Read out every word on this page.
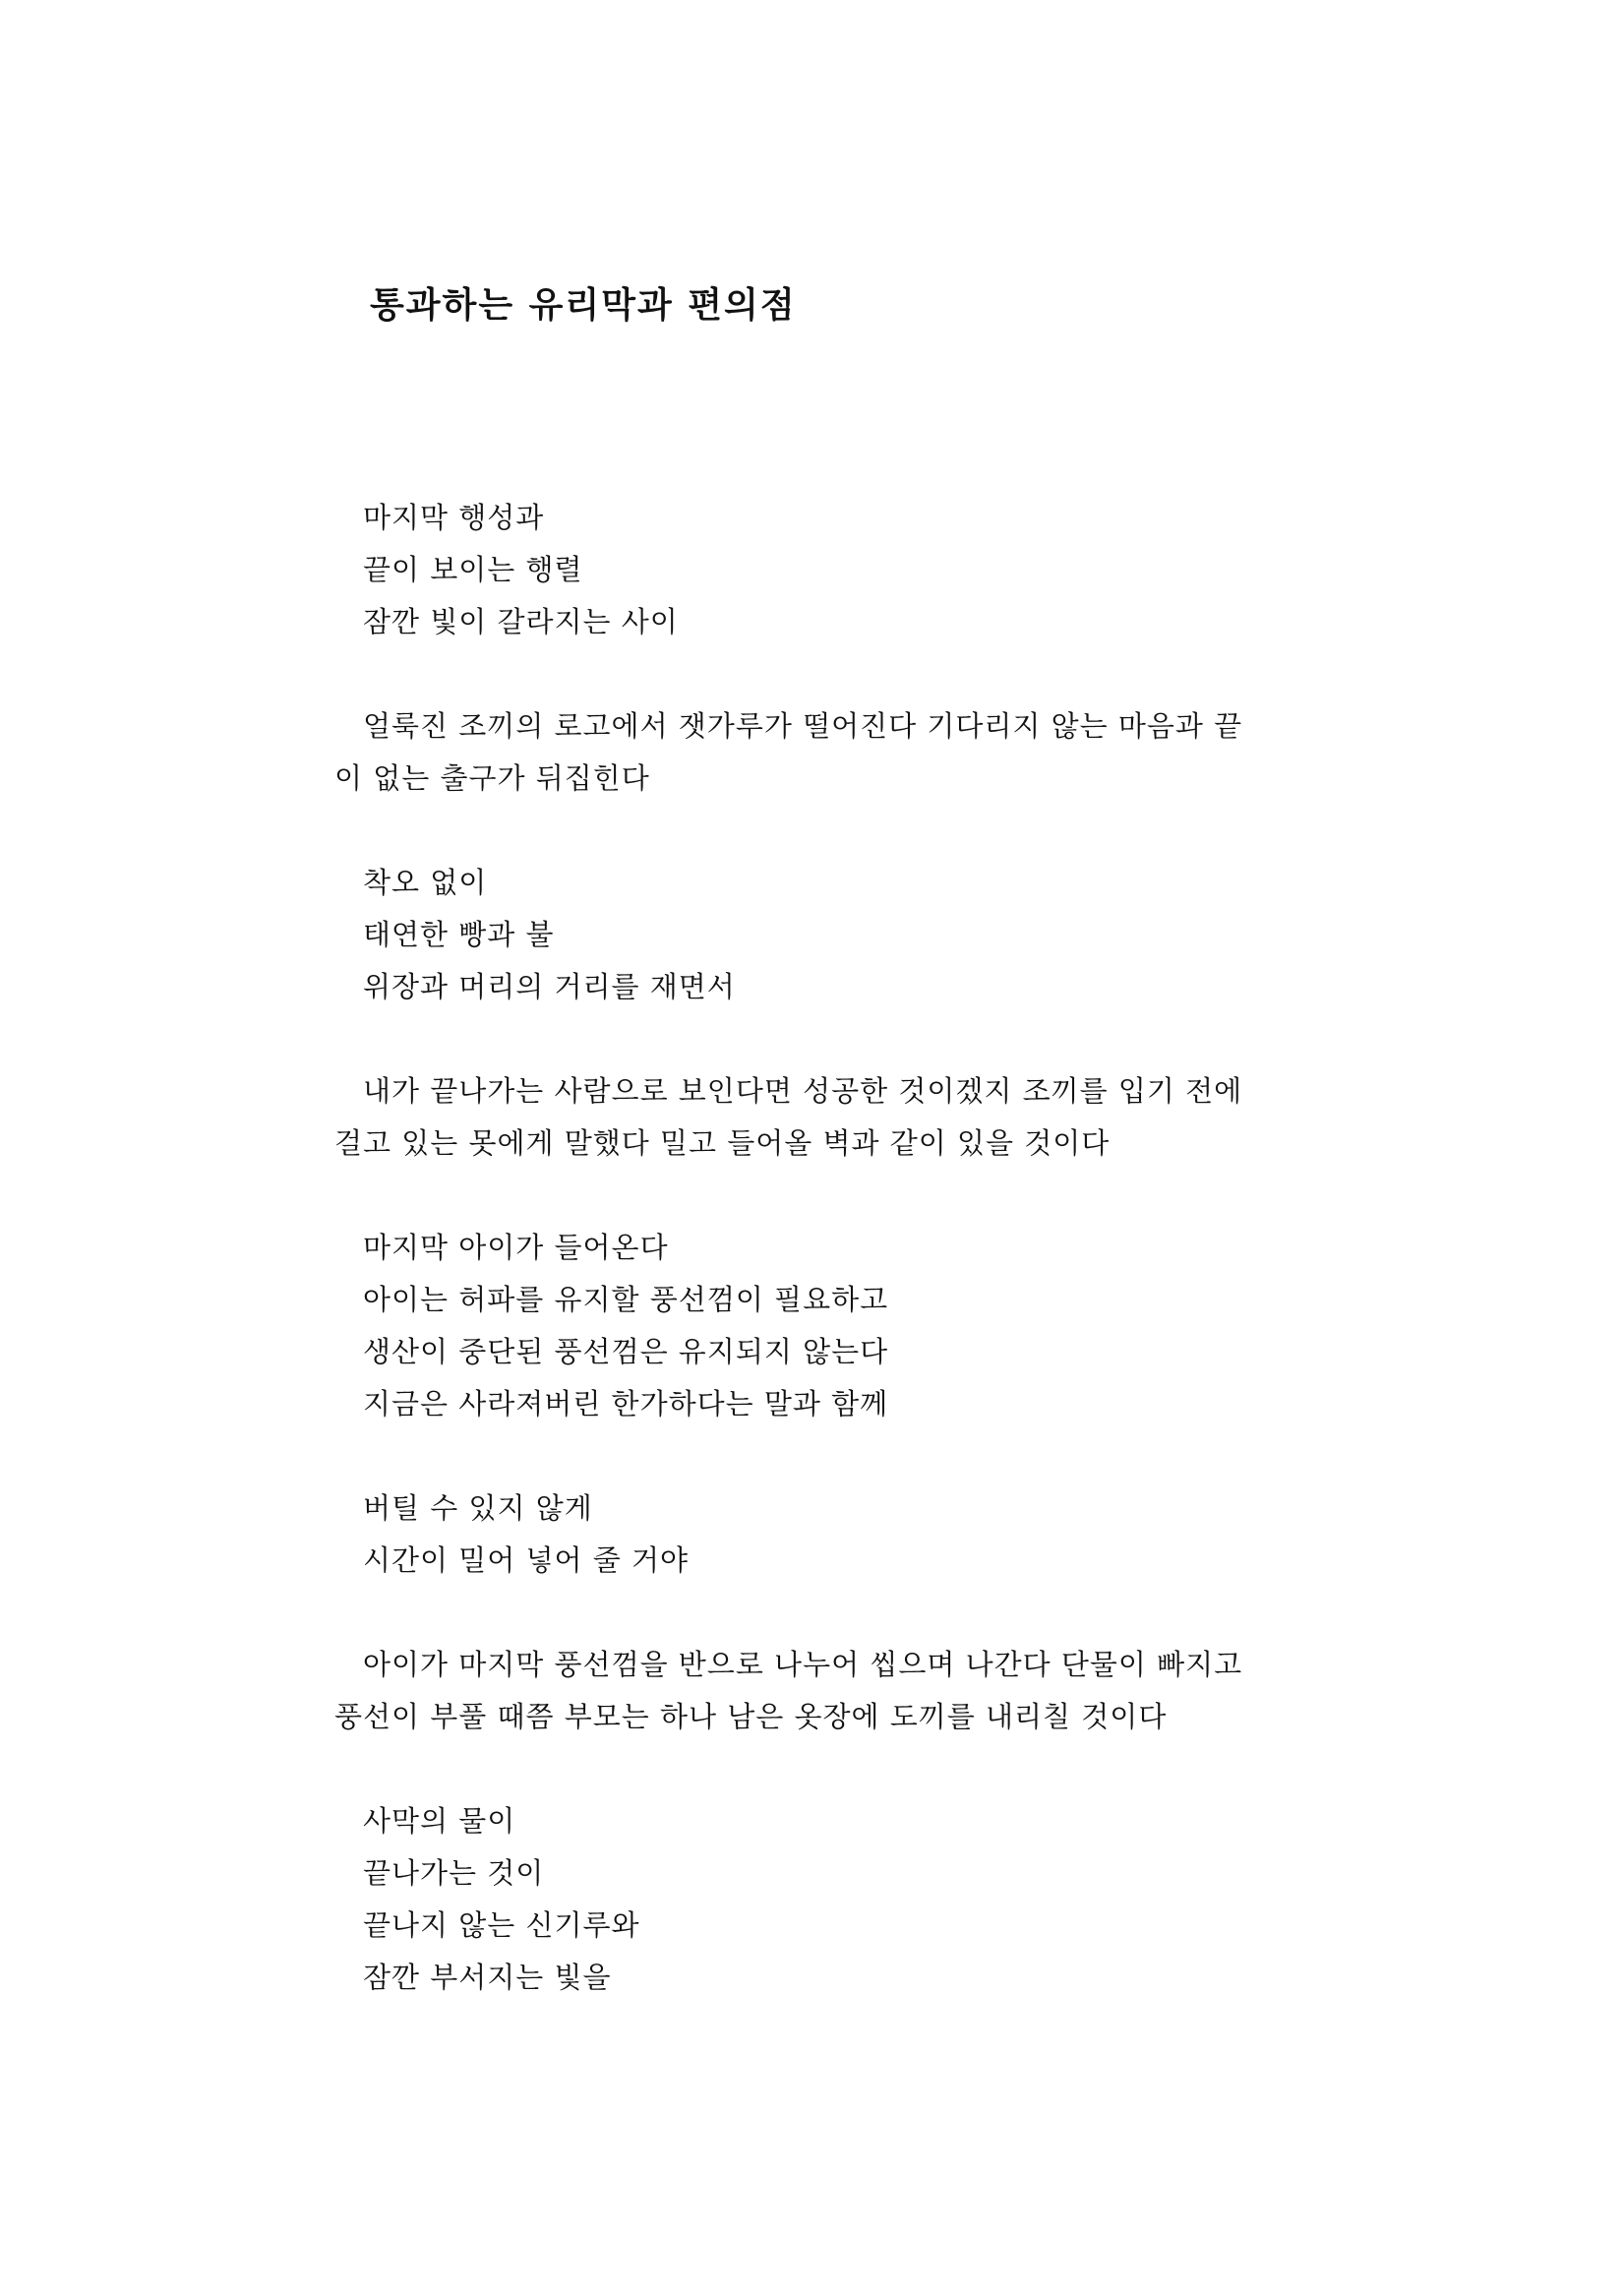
통과하는 유리막과 편의점
마지막 행성과
끝이 보이는 행렬
잠깐 빛이 갈라지는 사이
얼룩진 조끼의 로고에서 잿가루가 떨어진다 기다리지 않는 마음과 끝
이 없는 출구가 뒤집힌다
착오 없이
태연한 빵과 불
위장과 머리의 거리를 재면서
내가 끝나가는 사람으로 보인다면 성공한 것이겠지 조끼를 입기 전에
걸고 있는 못에게 말했다 밀고 들어올 벽과 같이 있을 것이다
마지막 아이가 들어온다
아이는 허파를 유지할 풍선껌이 필요하고
생산이 중단된 풍선껌은 유지되지 않는다
지금은 사라져버린 한가하다는 말과 함께
버틸 수 있지 않게
시간이 밀어 넣어 줄 거야
아이가 마지막 풍선껌을 반으로 나누어 씹으며 나간다 단물이 빠지고
풍선이 부풀 때쯤 부모는 하나 남은 옷장에 도끼를 내리칠 것이다
사막의 물이
끝나가는 것이
끝나지 않는 신기루와
잠깐 부서지는 빛을
